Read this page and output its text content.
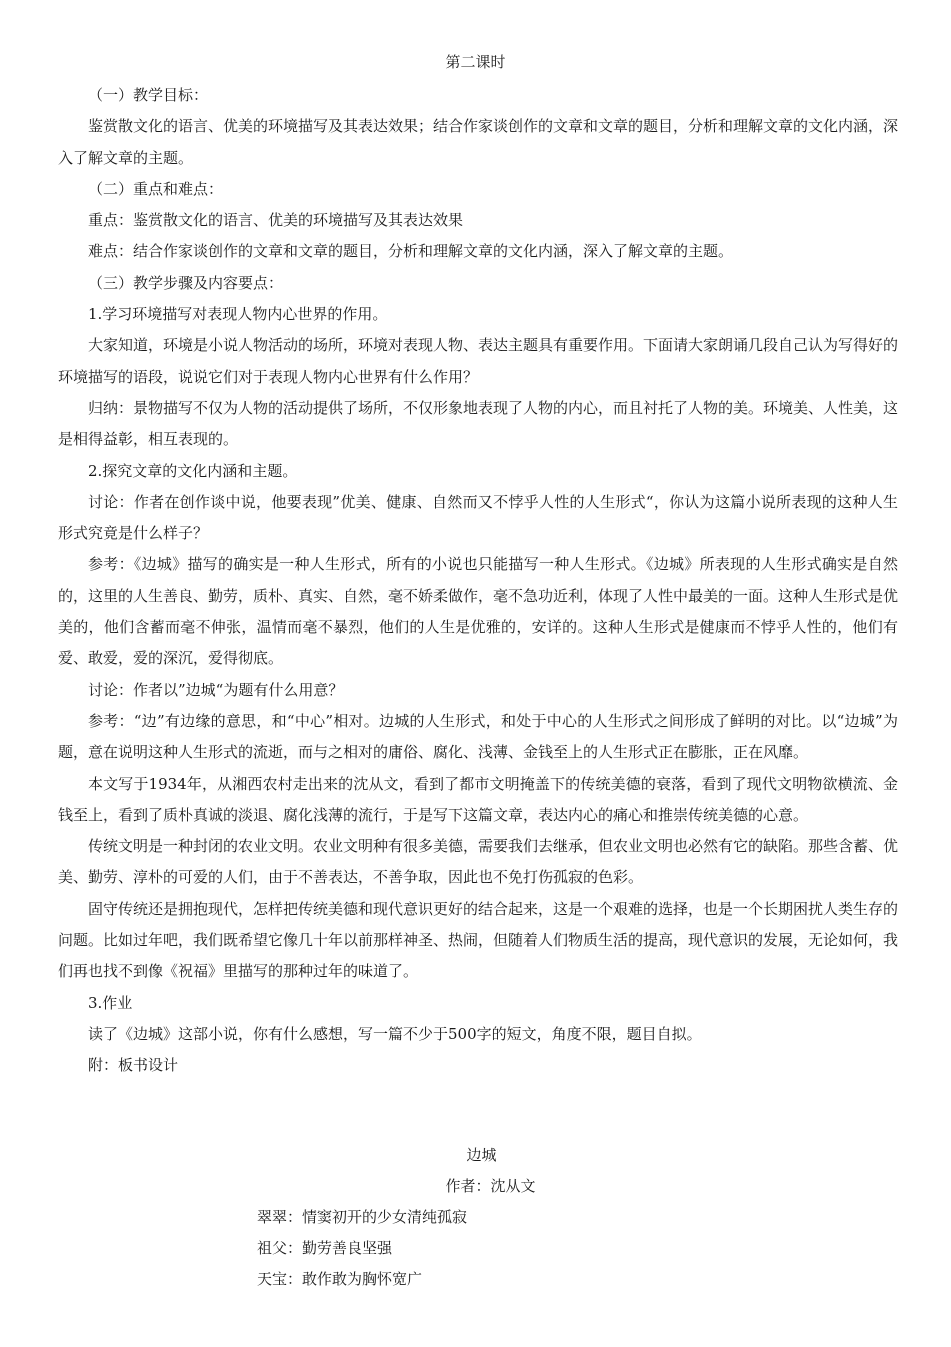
第二课时

（一）教学目标：

鉴赏散文化的语言、优美的环境描写及其表达效果；结合作家谈创作的文章和文章的题目，分析和理解文章的文化内涵，深入了解文章的主题。

（二）重点和难点：

重点：鉴赏散文化的语言、优美的环境描写及其表达效果

难点：结合作家谈创作的文章和文章的题目，分析和理解文章的文化内涵，深入了解文章的主题。

（三）教学步骤及内容要点：

1.学习环境描写对表现人物内心世界的作用。

大家知道，环境是小说人物活动的场所，环境对表现人物、表达主题具有重要作用。下面请大家朗诵几段自己认为写得好的环境描写的语段，说说它们对于表现人物内心世界有什么作用？

归纳：景物描写不仅为人物的活动提供了场所，不仅形象地表现了人物的内心，而且衬托了人物的美。环境美、人性美，这是相得益彰，相互表现的。

2.探究文章的文化内涵和主题。

讨论：作者在创作谈中说，他要表现”优美、健康、自然而又不悖乎人性的人生形式“，你认为这篇小说所表现的这种人生形式究竟是什么样子？

参考：《边城》描写的确实是一种人生形式，所有的小说也只能描写一种人生形式。《边城》所表现的人生形式确实是自然的，这里的人生善良、勤劳，质朴、真实、自然，毫不娇柔做作，毫不急功近利，体现了人性中最美的一面。这种人生形式是优美的，他们含蓄而毫不伸张，温情而毫不暴烈，他们的人生是优雅的，安详的。这种人生形式是健康而不悖乎人性的，他们有爱、敢爱，爱的深沉，爱得彻底。

讨论：作者以”边城“为题有什么用意？

参考：“边”有边缘的意思，和“中心”相对。边城的人生形式，和处于中心的人生形式之间形成了鲜明的对比。以“边城”为题，意在说明这种人生形式的流逝，而与之相对的庸俗、腐化、浅薄、金钱至上的人生形式正在膨胀，正在风靡。

本文写于1934年，从湘西农村走出来的沈从文，看到了都市文明掩盖下的传统美德的衰落，看到了现代文明物欲横流、金钱至上，看到了质朴真诚的淡退、腐化浅薄的流行，于是写下这篇文章，表达内心的痛心和推崇传统美德的心意。

传统文明是一种封闭的农业文明。农业文明种有很多美德，需要我们去继承，但农业文明也必然有它的缺陷。那些含蓄、优美、勤劳、淳朴的可爱的人们，由于不善表达，不善争取，因此也不免打伤孤寂的色彩。

固守传统还是拥抱现代，怎样把传统美德和现代意识更好的结合起来，这是一个艰难的选择，也是一个长期困扰人类生存的问题。比如过年吧，我们既希望它像几十年以前那样神圣、热闹，但随着人们物质生活的提高，现代意识的发展，无论如何，我们再也找不到像《祝福》里描写的那种过年的味道了。

3.作业

读了《边城》这部小说，你有什么感想，写一篇不少于500字的短文，角度不限，题目自拟。

附：板书设计

边城

作者：沈从文

翠翠：情窦初开的少女清纯孤寂

祖父：勤劳善良坚强

天宝：敢作敢为胸怀宽广
